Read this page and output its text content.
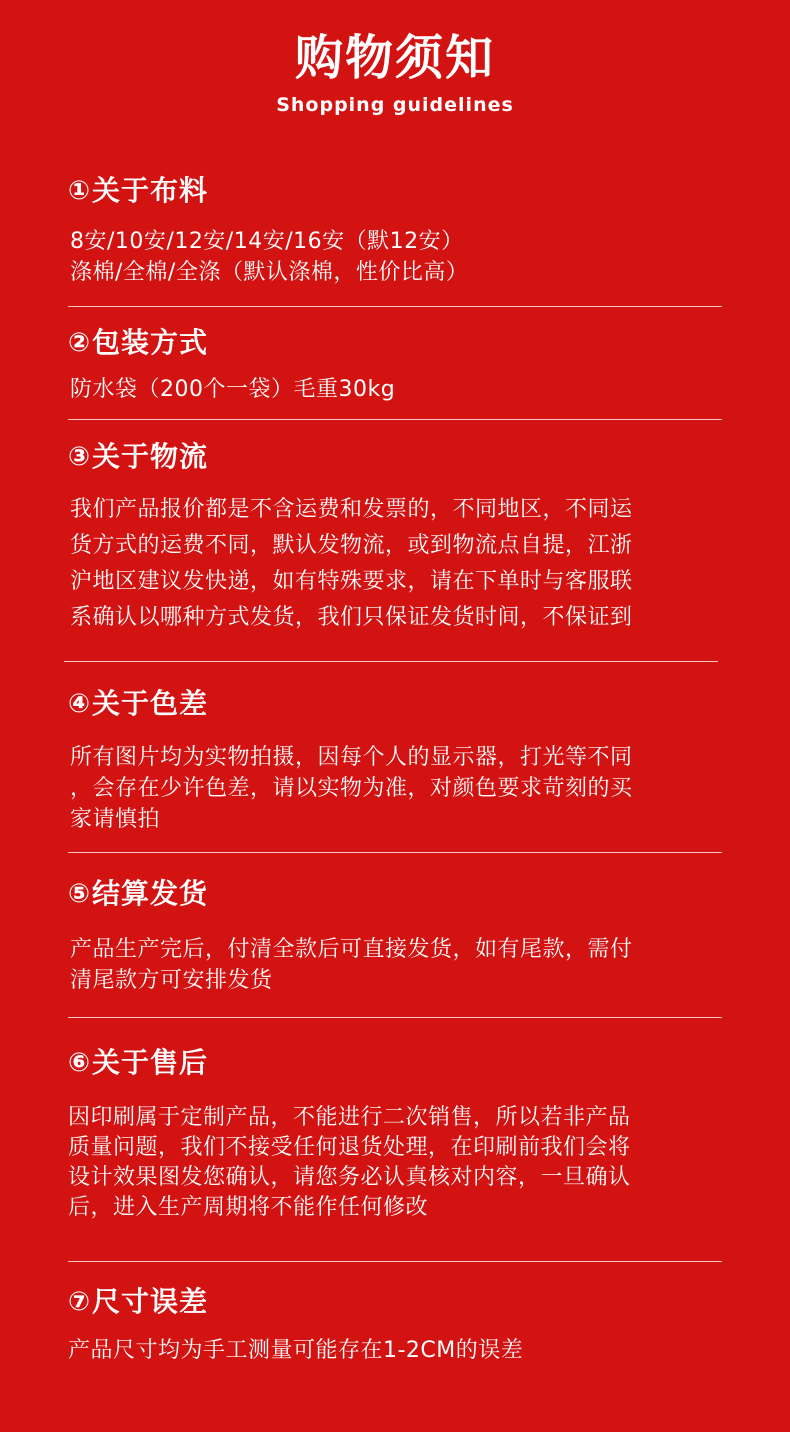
购物须知
Shopping guidelines
① 关于布料
8安/10安/12安/14安/16安（默12安）
涤棉/全棉/全涤（默认涤棉，性价比高）
② 包装方式
防水袋（200个一袋）毛重30kg
③ 关于物流
我们产品报价都是不含运费和发票的，不同地区，不同运
货方式的运费不同，默认发物流，或到物流点自提，江浙
沪地区建议发快递，如有特殊要求，请在下单时与客服联
系确认以哪种方式发货，我们只保证发货时间，不保证到
④ 关于色差
所有图片均为实物拍摄，因每个人的显示器，打光等不同
，会存在少许色差，请以实物为准，对颜色要求苛刻的买
家请慎拍
⑤ 结算发货
产品生产完后，付清全款后可直接发货，如有尾款，需付
清尾款方可安排发货
⑥ 关于售后
因印刷属于定制产品，不能进行二次销售，所以若非产品
质量问题，我们不接受任何退货处理，在印刷前我们会将
设计效果图发您确认，请您务必认真核对内容，一旦确认
后，进入生产周期将不能作任何修改
⑦ 尺寸误差
产品尺寸均为手工测量可能存在1-2CM的误差
